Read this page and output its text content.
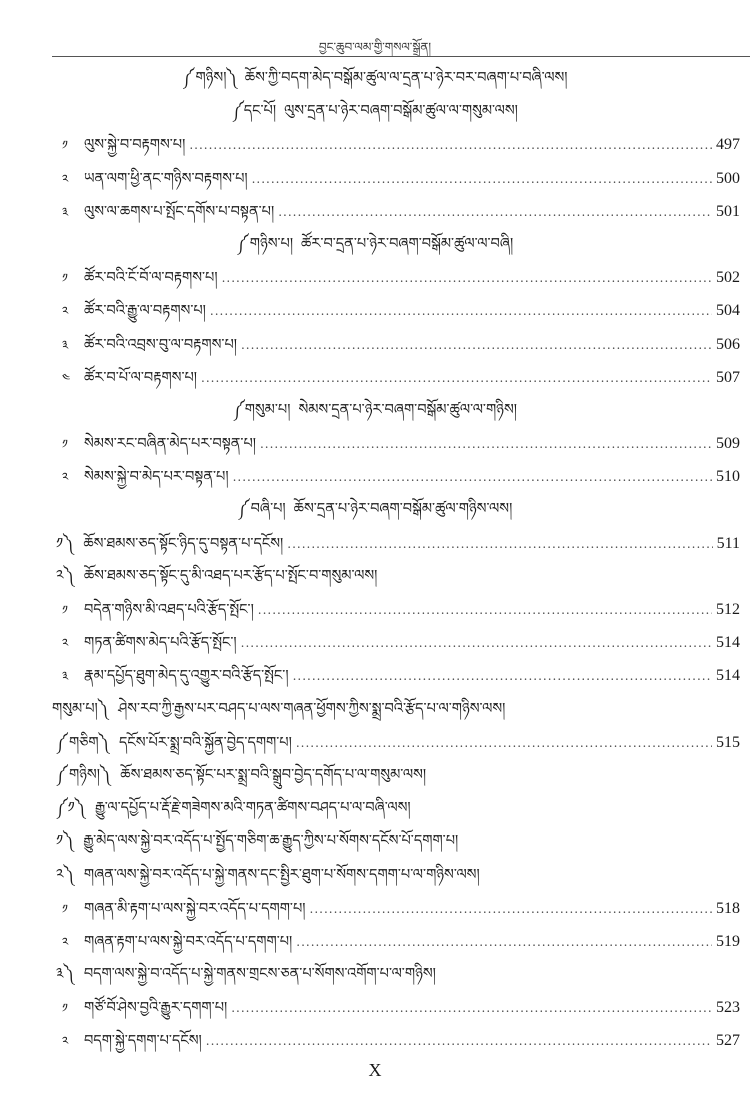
བྱང་ཆུབ་ལམ་གྱི་གསལ་སྒྲོན།
༼གཉིས།༽ ཆོས་ཀྱི་བདག་མེད་བསྒོམ་ཚུལ་ལ་དྲན་པ་ཉེར་བར་བཞག་པ་བཞི་ལས།
༼དང་པོ། ལུས་དྲན་པ་ཉེར་བཞག་བསྒོམ་ཚུལ་ལ་གསུམ་ལས།
༡	ལུས་སྐྱེ་བ་བརྟགས་པ། .....	497
༢	ཡན་ལག་ཕྱི་ནང་གཉིས་བརྟགས་པ། .....	500
༣	ལུས་ལ་ཆགས་པ་སྤོང་དགོས་པ་བསྟན་པ། .....	501
༼གཉིས་པ། ཚོར་བ་དྲན་པ་ཉེར་བཞག་བསྒོམ་ཚུལ་ལ་བཞི།
༡	ཚོར་བའི་ངོ་བོ་ལ་བརྟགས་པ། .....	502
༢	ཚོར་བའི་རྒྱུ་ལ་བརྟགས་པ། .....	504
༣	ཚོར་བའི་འབྲས་བུ་ལ་བརྟགས་པ། .....	506
༤ ཚོར་བ་པོ་ལ་བརྟགས་པ། .....	507
༼གསུམ་པ། སེམས་དྲན་པ་ཉེར་བཞག་བསྒོམ་ཚུལ་ལ་གཉིས།
༡	སེམས་རང་བཞིན་མེད་པར་བསྟན་པ། .....	509
༢	སེམས་སྐྱེ་བ་མེད་པར་བསྟན་པ། .....	510
༼བཞི་པ། ཆོས་དྲན་པ་ཉེར་བཞག་བསྒོམ་ཚུལ་གཉིས་ལས།
༡༽ ཆོས་ཐམས་ཅད་སྟོང་ཉིད་དུ་བསྟན་པ་དངོས། .....	511
༢༽ ཆོས་ཐམས་ཅད་སྟོང་དུ་མི་འཐད་པར་རྩོད་པ་སྤོང་བ་གསུམ་ལས།
༡	བདེན་གཉིས་མི་འཐད་པའི་རྩོད་སྤོང་། .....	512
༢	གཏན་ཚིགས་མེད་པའི་རྩོད་སྤོང་། .....	514
༣	རྣམ་དཔྱོད་ཐུག་མེད་དུ་འགྱུར་བའི་རྩོད་སྤོང་། .....	514
གསུམ་པ།༽ ཤེས་རབ་ཀྱི་རྒྱས་པར་བཤད་པ་ལས་གཞན་ཕྱོགས་ཀྱིས་སྨྲ་བའི་རྩོད་པ་ལ་གཉིས་ལས།
༼གཅིག༽ དངོས་པོར་སྨྲ་བའི་སྐྱོན་བྱེད་དགག་པ། .....	515
༼གཉིས།༽ ཆོས་ཐམས་ཅད་སྟོང་པར་སྨྲ་བའི་སྒྲུབ་བྱེད་དགོད་པ་ལ་གསུམ་ལས།
༼༡༽ རྒྱུ་ལ་དཔྱོད་པ་རྡོ་རྗེ་གཟེགས་མའི་གཏན་ཚིགས་བཤད་པ་ལ་བཞི་ལས།
༡༽ རྒྱུ་མེད་ལས་སྐྱེ་བར་འདོད་པ་སྤྱོད་གཅིག་ཆ་རྒྱུད་ཀྱིས་པ་སོགས་དངོས་པོ་དགག་པ།
༢༽ གཞན་ལས་སྐྱེ་བར་འདོད་པ་སྐྱེ་གནས་དང་སྤྱིར་ཐུག་པ་སོགས་དགག་པ་ལ་གཉིས་ལས།
༡	གཞན་མི་རྟག་པ་ལས་སྐྱེ་བར་འདོད་པ་དགག་པ། .....	518
༢	གཞན་རྟག་པ་ལས་སྐྱེ་བར་འདོད་པ་དགག་པ། .....	519
༣༽ བདག་ལས་སྐྱེ་བ་འདོད་པ་སྐྱེ་གནས་གྲངས་ཅན་པ་སོགས་འགོག་པ་ལ་གཉིས།
༡	གཙོ་བོ་ཤེས་བྱའི་རྒྱུར་དགག་པ། .....	523
༢	བདག་སྐྱེ་དགག་པ་དངོས། .....	527
X
